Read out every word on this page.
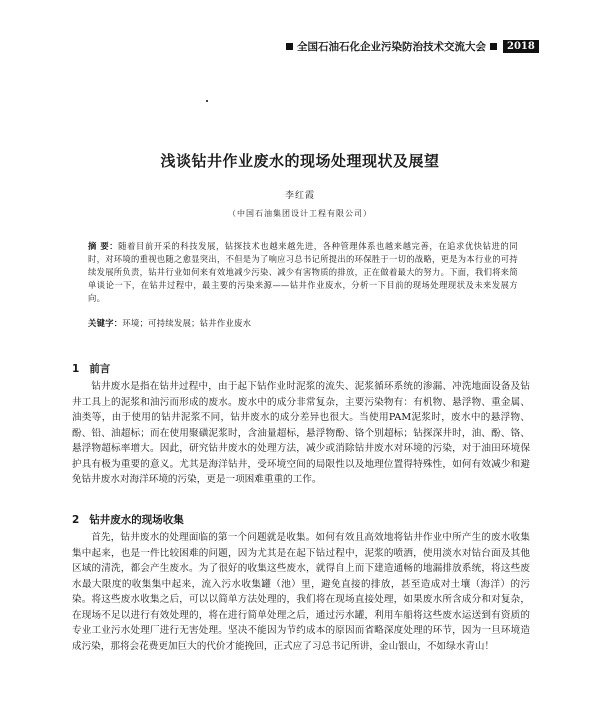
全国石油石化企业污染防治技术交流大会	2018
浅谈钻井作业废水的现场处理现状及展望
李红霞
（中国石油集团设计工程有限公司）
摘 要：随着目前开采的科技发展，钻探技术也越来越先进，各种管理体系也越来越完善，在追求优快钻进的同时，对环境的重视也随之愈显突出，不但是为了响应习总书记所提出的环保胜于一切的战略，更是为本行业的可持续发展所负责，钻井行业如何来有效地减少污染、减少有害物质的排放，正在做着最大的努力。下面，我们将来简单谈论一下，在钻井过程中，最主要的污染来源——钻井作业废水，分析一下目前的现场处理现状及未来发展方向。
关键字：环境；可持续发展；钻井作业废水
1 前言
钻井废水是指在钻井过程中，由于起下钻作业时泥浆的流失、泥浆循环系统的渗漏、冲洗地面设备及钻井工具上的泥浆和油污而形成的废水。废水中的成分非常复杂，主要污染物有：有机物、悬浮物、重金属、油类等，由于使用的钻井泥浆不同，钻井废水的成分差异也很大。当使用PAM泥浆时，废水中的悬浮物、酚、铅、油超标；而在使用聚磺泥浆时，含油量超标，悬浮物酚、铬个别超标；钻探深井时，油、酚、铬、悬浮物超标率增大。因此，研究钻井废水的处理方法，减少或消除钻井废水对环境的污染，对于油田环境保护具有极为重要的意义。尤其是海洋钻井，受环境空间的局限性以及地理位置得特殊性，如何有效减少和避免钻井废水对海洋环境的污染，更是一项困难重重的工作。
2 钻井废水的现场收集
首先，钻井废水的处理面临的第一个问题就是收集。如何有效且高效地将钻井作业中所产生的废水收集集中起来，也是一件比较困难的问题，因为尤其是在起下钻过程中，泥浆的喷洒，使用淡水对钻台面及其他区域的清洗，都会产生废水。为了很好的收集这些废水，就得自上而下建造通畅的地漏排放系统，将这些废水最大限度的收集集中起来，流入污水收集罐（池）里，避免直接的排放，甚至造成对土壤（海洋）的污染。将这些废水收集之后，可以以简单方法处理的，我们将在现场直接处理，如果废水所含成分和对复杂，在现场不足以进行有效处理的，将在进行简单处理之后，通过污水罐，利用车船将这些废水运送到有资质的专业工业污水处理厂进行无害处理。坚决不能因为节约成本的原因而省略深度处理的环节，因为一旦环境造成污染，那将会花费更加巨大的代价才能挽回，正式应了习总书记所讲，金山银山，不如绿水青山！
